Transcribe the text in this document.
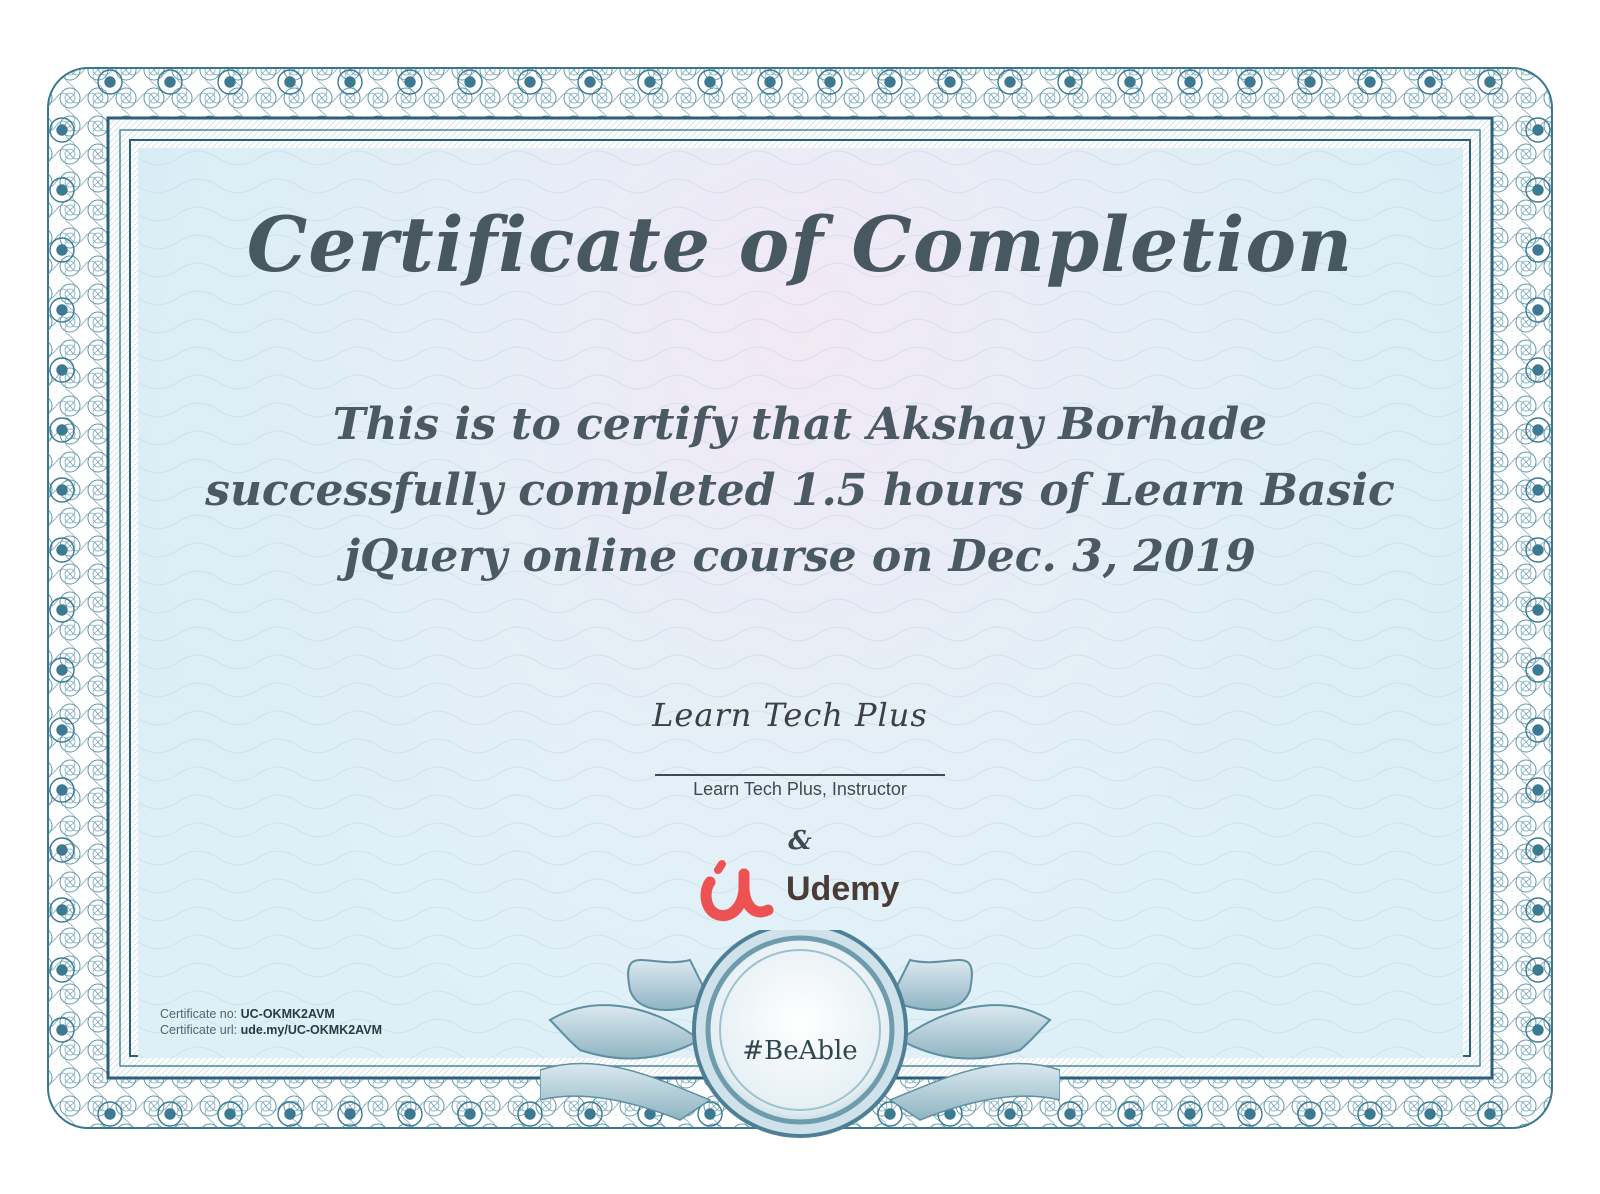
Certificate of Completion
This is to certify that Akshay Borhade
successfully completed 1.5 hours of Learn Basic
jQuery online course on Dec. 3, 2019
Learn Tech Plus
Learn Tech Plus, Instructor
&
Udemy
Certificate no: UC-OKMK2AVM
Certificate url: ude.my/UC-OKMK2AVM
#BeAble
